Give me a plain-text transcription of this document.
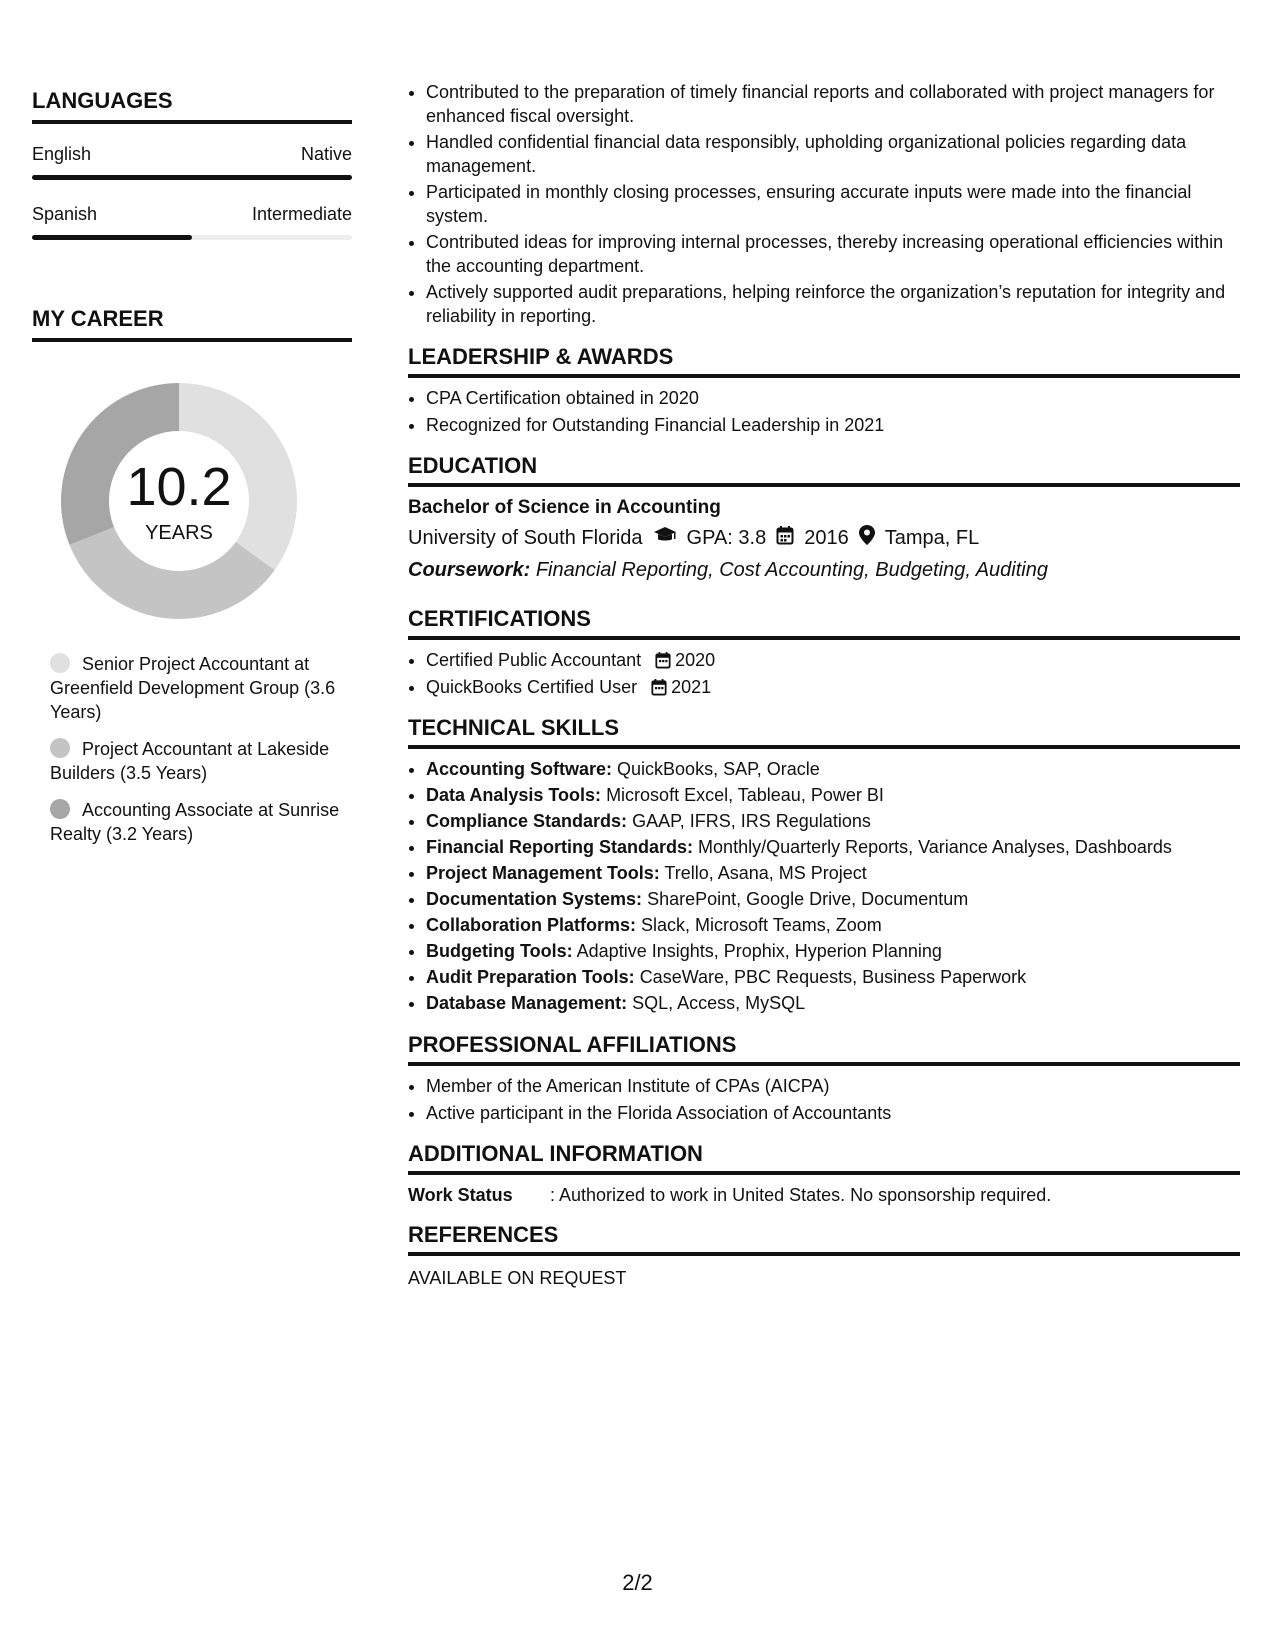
LANGUAGES
English	Native
Spanish	Intermediate
MY CAREER
10.2
YEARS
Senior Project Accountant at Greenfield Development Group (3.6 Years)
Project Accountant at Lakeside Builders (3.5 Years)
Accounting Associate at Sunrise Realty (3.2 Years)
• Contributed to the preparation of timely financial reports and collaborated with project managers for enhanced fiscal oversight.
• Handled confidential financial data responsibly, upholding organizational policies regarding data management.
• Participated in monthly closing processes, ensuring accurate inputs were made into the financial system.
• Contributed ideas for improving internal processes, thereby increasing operational efficiencies within the accounting department.
• Actively supported audit preparations, helping reinforce the organization’s reputation for integrity and reliability in reporting.
LEADERSHIP & AWARDS
• CPA Certification obtained in 2020
• Recognized for Outstanding Financial Leadership in 2021
EDUCATION
Bachelor of Science in Accounting
University of South Florida GPA: 3.8 2016 Tampa, FL
Coursework: Financial Reporting, Cost Accounting, Budgeting, Auditing
CERTIFICATIONS
• Certified Public Accountant 2020
• QuickBooks Certified User 2021
TECHNICAL SKILLS
• Accounting Software: QuickBooks, SAP, Oracle
• Data Analysis Tools: Microsoft Excel, Tableau, Power BI
• Compliance Standards: GAAP, IFRS, IRS Regulations
• Financial Reporting Standards: Monthly/Quarterly Reports, Variance Analyses, Dashboards
• Project Management Tools: Trello, Asana, MS Project
• Documentation Systems: SharePoint, Google Drive, Documentum
• Collaboration Platforms: Slack, Microsoft Teams, Zoom
• Budgeting Tools: Adaptive Insights, Prophix, Hyperion Planning
• Audit Preparation Tools: CaseWare, PBC Requests, Business Paperwork
• Database Management: SQL, Access, MySQL
PROFESSIONAL AFFILIATIONS
• Member of the American Institute of CPAs (AICPA)
• Active participant in the Florida Association of Accountants
ADDITIONAL INFORMATION
Work Status	: Authorized to work in United States. No sponsorship required.
REFERENCES
AVAILABLE ON REQUEST
2/2
